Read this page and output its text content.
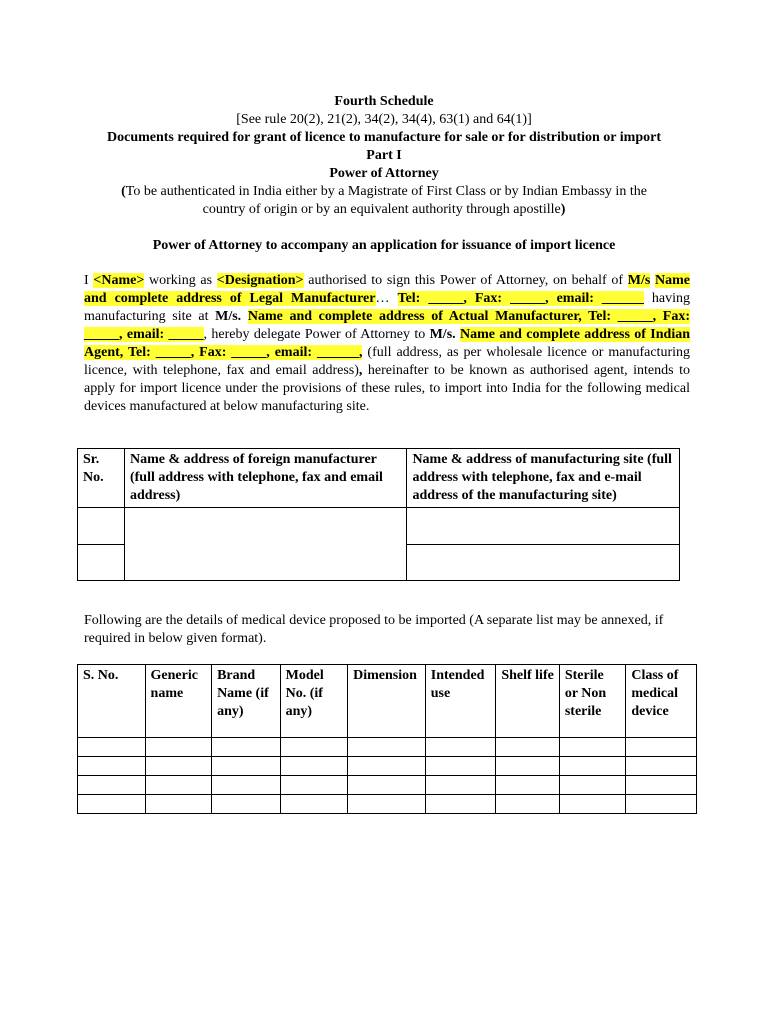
Fourth Schedule
[See rule 20(2), 21(2), 34(2), 34(4), 63(1) and 64(1)]
Documents required for grant of licence to manufacture for sale or for distribution or import
Part I
Power of Attorney
(To be authenticated in India either by a Magistrate of First Class or by Indian Embassy in the
country of origin or by an equivalent authority through apostille)
Power of Attorney to accompany an application for issuance of import licence
I <Name> working as <Designation> authorised to sign this Power of Attorney, on behalf of M/s Name and complete address of Legal Manufacturer… Tel: _____, Fax: _____, email: ______ having manufacturing site at M/s. Name and complete address of Actual Manufacturer, Tel: _____, Fax: _____, email: _____, hereby delegate Power of Attorney to M/s. Name and complete address of Indian Agent, Tel: _____, Fax: _____, email: ______, (full address, as per wholesale licence or manufacturing licence, with telephone, fax and email address), hereinafter to be known as authorised agent, intends to apply for import licence under the provisions of these rules, to import into India for the following medical devices manufactured at below manufacturing site.
Sr. No.	Name & address of foreign manufacturer (full address with telephone, fax and email address)	Name & address of manufacturing site (full address with telephone, fax and e-mail address of the manufacturing site)

Following are the details of medical device proposed to be imported (A separate list may be annexed, if required in below given format).
S. No.	Generic name	Brand Name (if any)	Model No. (if any)	Dimension	Intended use	Shelf life	Sterile or Non sterile	Class of medical device
